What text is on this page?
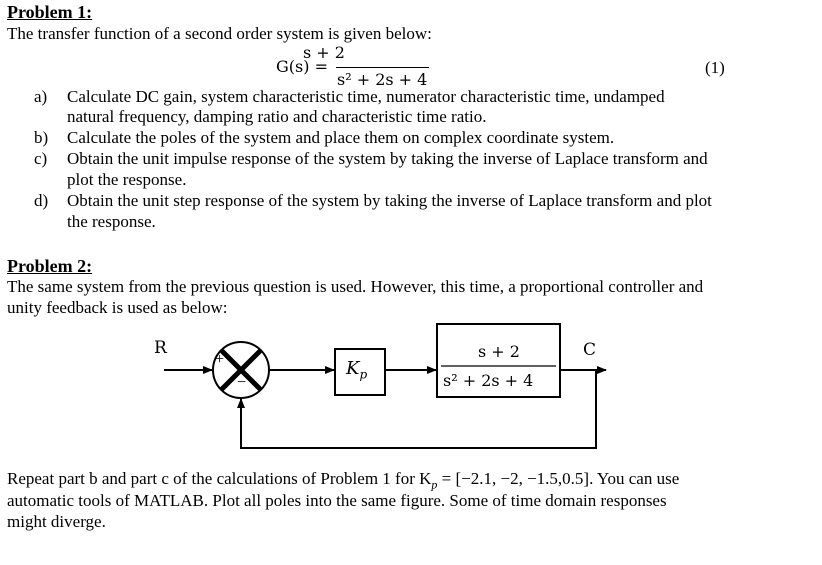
Problem 1:
The transfer function of a second order system is given below:
s + 2
G(s) =
s² + 2s + 4
(1)
a) Calculate DC gain, system characteristic time, numerator characteristic time, undamped
natural frequency, damping ratio and characteristic time ratio.
b) Calculate the poles of the system and place them on complex coordinate system.
c) Obtain the unit impulse response of the system by taking the inverse of Laplace transform and
plot the response.
d) Obtain the unit step response of the system by taking the inverse of Laplace transform and plot
the response.
Problem 2:
The same system from the previous question is used. However, this time, a proportional controller and
unity feedback is used as below:
R	C
+
−
$K_p$
s + 2
s² + 2s + 4
Repeat part b and part c of the calculations of Problem 1 for $K_p = [-2.1$, −2, −1.5,0.5]. You can use
automatic tools of MATLAB. Plot all poles into the same figure. Some of time domain responses
might diverge.
